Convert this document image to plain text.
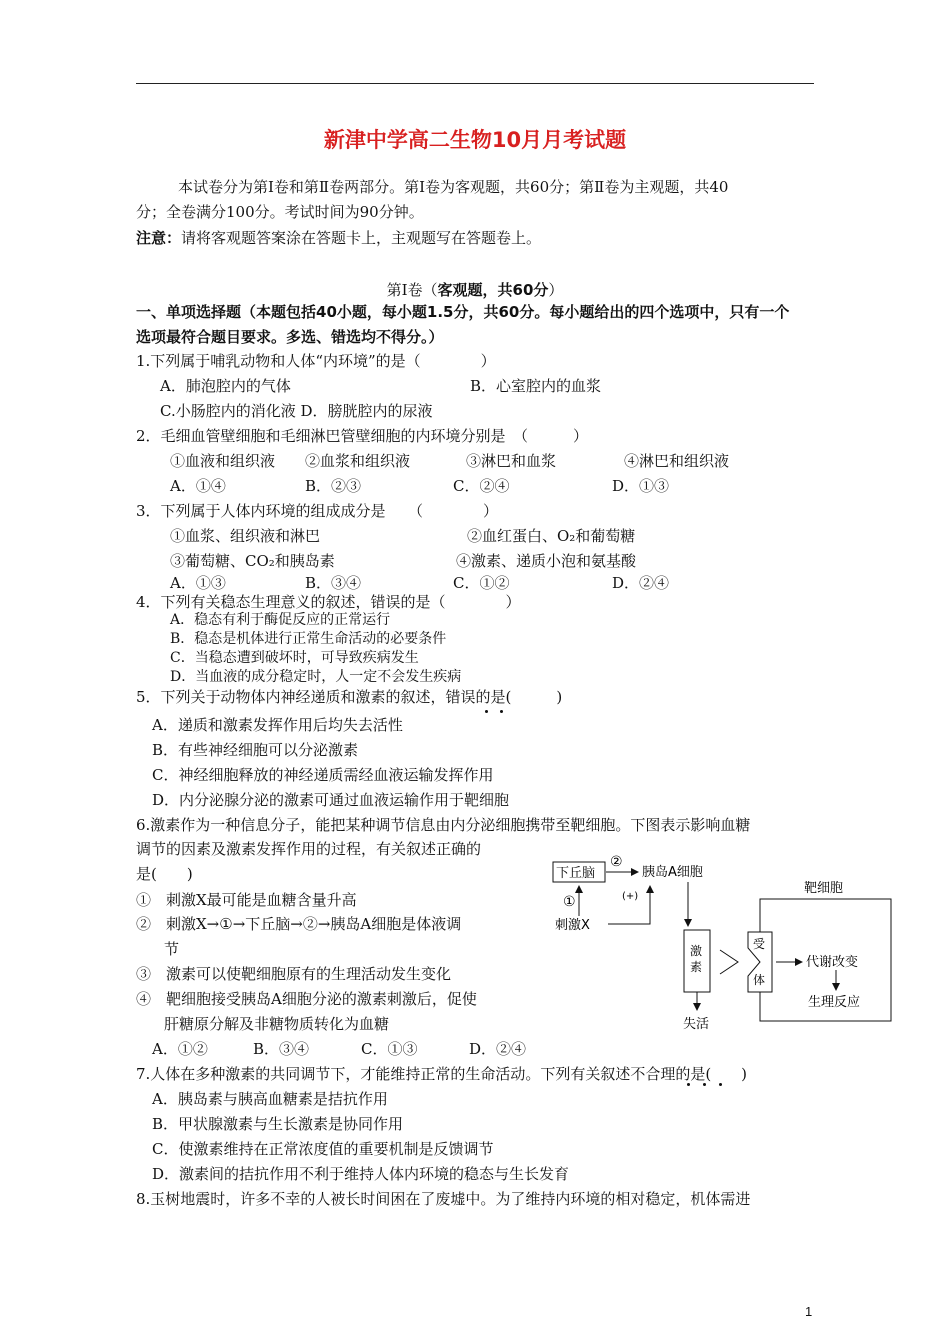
新津中学高二生物10月月考试题
本试卷分为第Ⅰ卷和第Ⅱ卷两部分。第Ⅰ卷为客观题，共60分；第Ⅱ卷为主观题，共40
分；全卷满分100分。考试时间为90分钟。
注意：请将客观题答案涂在答题卡上，主观题写在答题卷上。
第Ⅰ卷（客观题，共60分）
一、单项选择题（本题包括40小题，每小题1.5分，共60分。每小题给出的四个选项中，只有一个
选项最符合题目要求。多选、错选均不得分。）
1.下列属于哺乳动物和人体“内环境”的是（　　　　）
A．肺泡腔内的气体	B．心室腔内的血浆
C.小肠腔内的消化液 D．膀胱腔内的尿液
2．毛细血管壁细胞和毛细淋巴管壁细胞的内环境分别是　（　　　）
①血液和组织液 ②血浆和组织液	③淋巴和血浆	④淋巴和组织液
A．①④	B．②③	C．②④	D．①③
3．下列属于人体内环境的组成成分是　　（　　　　）
①血浆、组织液和淋巴	②血红蛋白、O₂和葡萄糖
③葡萄糖、CO₂和胰岛素	④激素、递质小泡和氨基酸
A．①③	B．③④	C．①②	D．②④
4．下列有关稳态生理意义的叙述，错误的是（　　　　）
A．稳态有利于酶促反应的正常运行
B．稳态是机体进行正常生命活动的必要条件
C．当稳态遭到破坏时，可导致疾病发生
D．当血液的成分稳定时，人一定不会发生疾病
5．下列关于动物体内神经递质和激素的叙述，错误的是(　　　)
A．递质和激素发挥作用后均失去活性
B．有些神经细胞可以分泌激素
C．神经细胞释放的神经递质需经血液运输发挥作用
D．内分泌腺分泌的激素可通过血液运输作用于靶细胞
6.激素作为一种信息分子，能把某种调节信息由内分泌细胞携带至靶细胞。下图表示影响血糖
调节的因素及激素发挥作用的过程，有关叙述正确的
是(　　)
①　刺激X最可能是血糖含量升高
②　刺激X→①→下丘脑→②→胰岛A细胞是体液调
节
③　激素可以使靶细胞原有的生理活动发生变化
④　靶细胞接受胰岛A细胞分泌的激素刺激后，促使
肝糖原分解及非糖物质转化为血糖
A．①②	B．③④	C．①③	D．②④
下丘脑
②
胰岛A细胞
①
刺激X
(+)
激
素
失活
靶细胞
受
体
代谢改变
生理反应
7.人体在多种激素的共同调节下，才能维持正常的生命活动。下列有关叙述不合理的是(　　)
A．胰岛素与胰高血糖素是拮抗作用
B．甲状腺激素与生长激素是协同作用
C．使激素维持在正常浓度值的重要机制是反馈调节
D．激素间的拮抗作用不利于维持人体内环境的稳态与生长发育
8.玉树地震时，许多不幸的人被长时间困在了废墟中。为了维持内环境的相对稳定，机体需进
1
